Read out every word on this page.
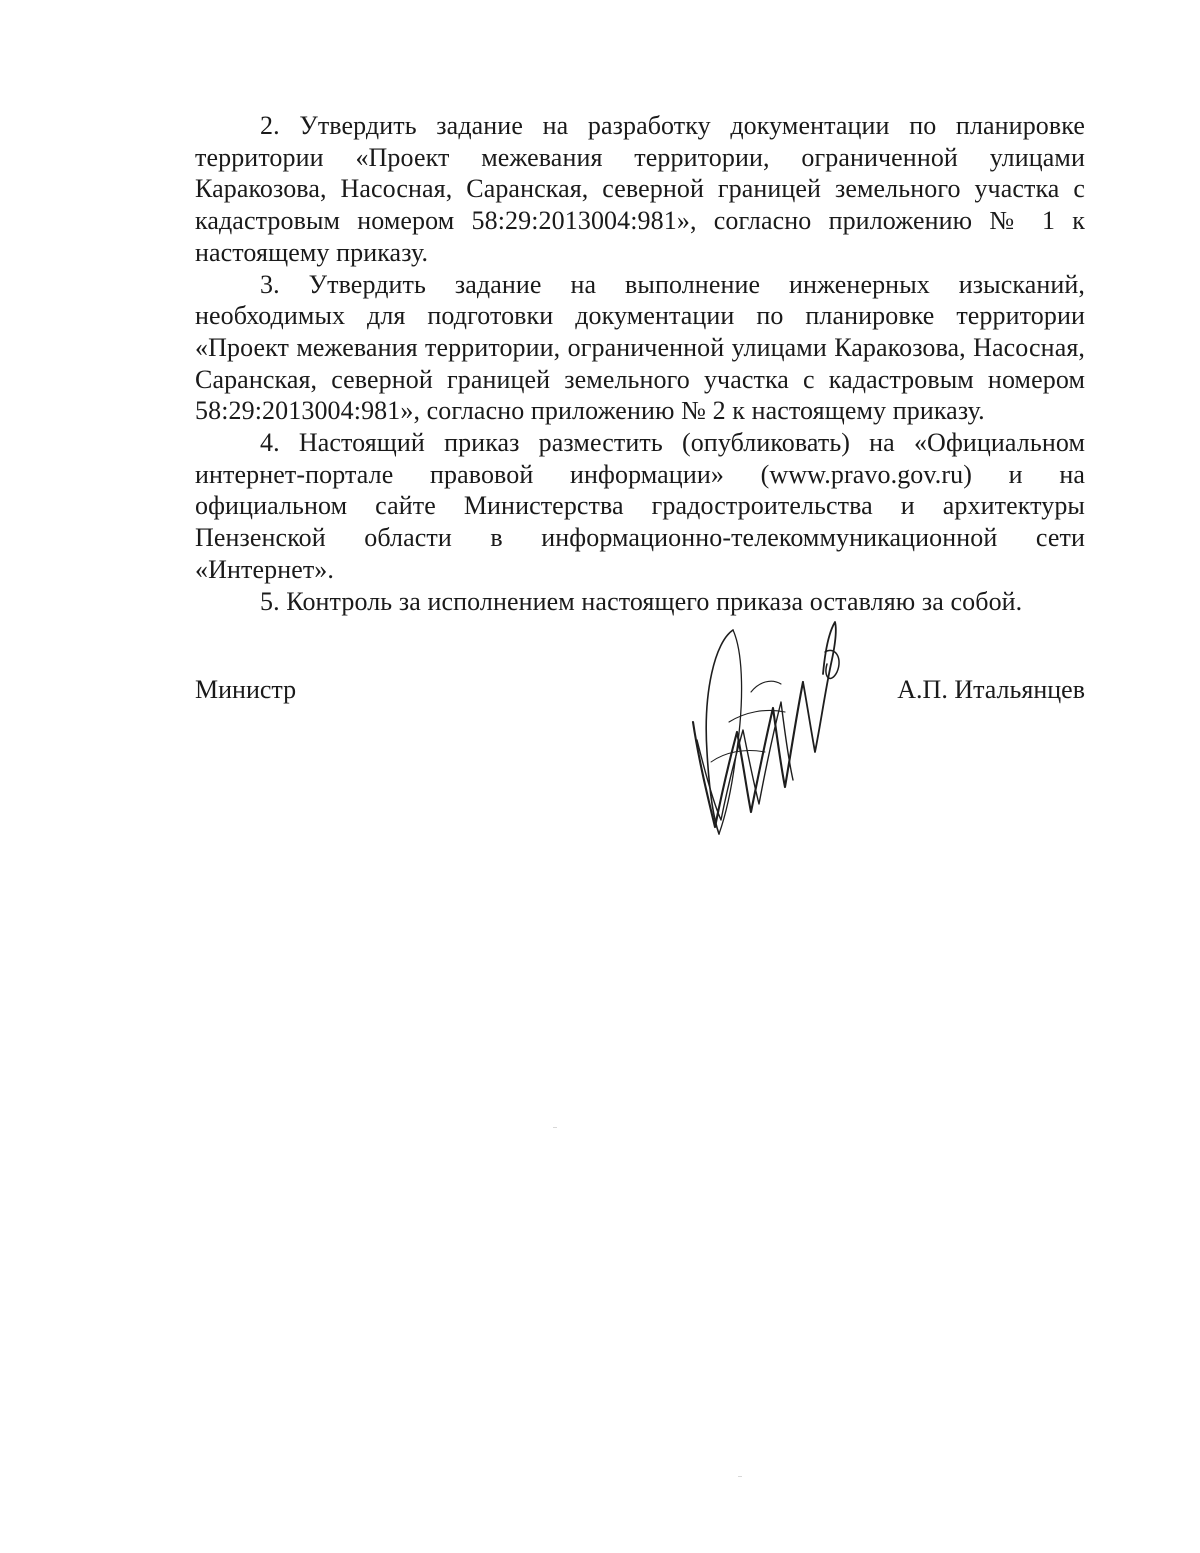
2. Утвердить задание на разработку документации по планировке территории «Проект межевания территории, ограниченной улицами Каракозова, Насосная, Саранская, северной границей земельного участка с кадастровым номером 58:29:2013004:981», согласно приложению № 1 к настоящему приказу.

3. Утвердить задание на выполнение инженерных изысканий, необходимых для подготовки документации по планировке территории «Проект межевания территории, ограниченной улицами Каракозова, Насосная, Саранская, северной границей земельного участка с кадастровым номером 58:29:2013004:981», согласно приложению № 2 к настоящему приказу.

4. Настоящий приказ разместить (опубликовать) на «Официальном интернет-портале правовой информации» (www.pravo.gov.ru) и на официальном сайте Министерства градостроительства и архитектуры Пензенской области в информационно-телекоммуникационной сети «Интернет».

5. Контроль за исполнением настоящего приказа оставляю за собой.

Министр	А.П. Итальянцев
